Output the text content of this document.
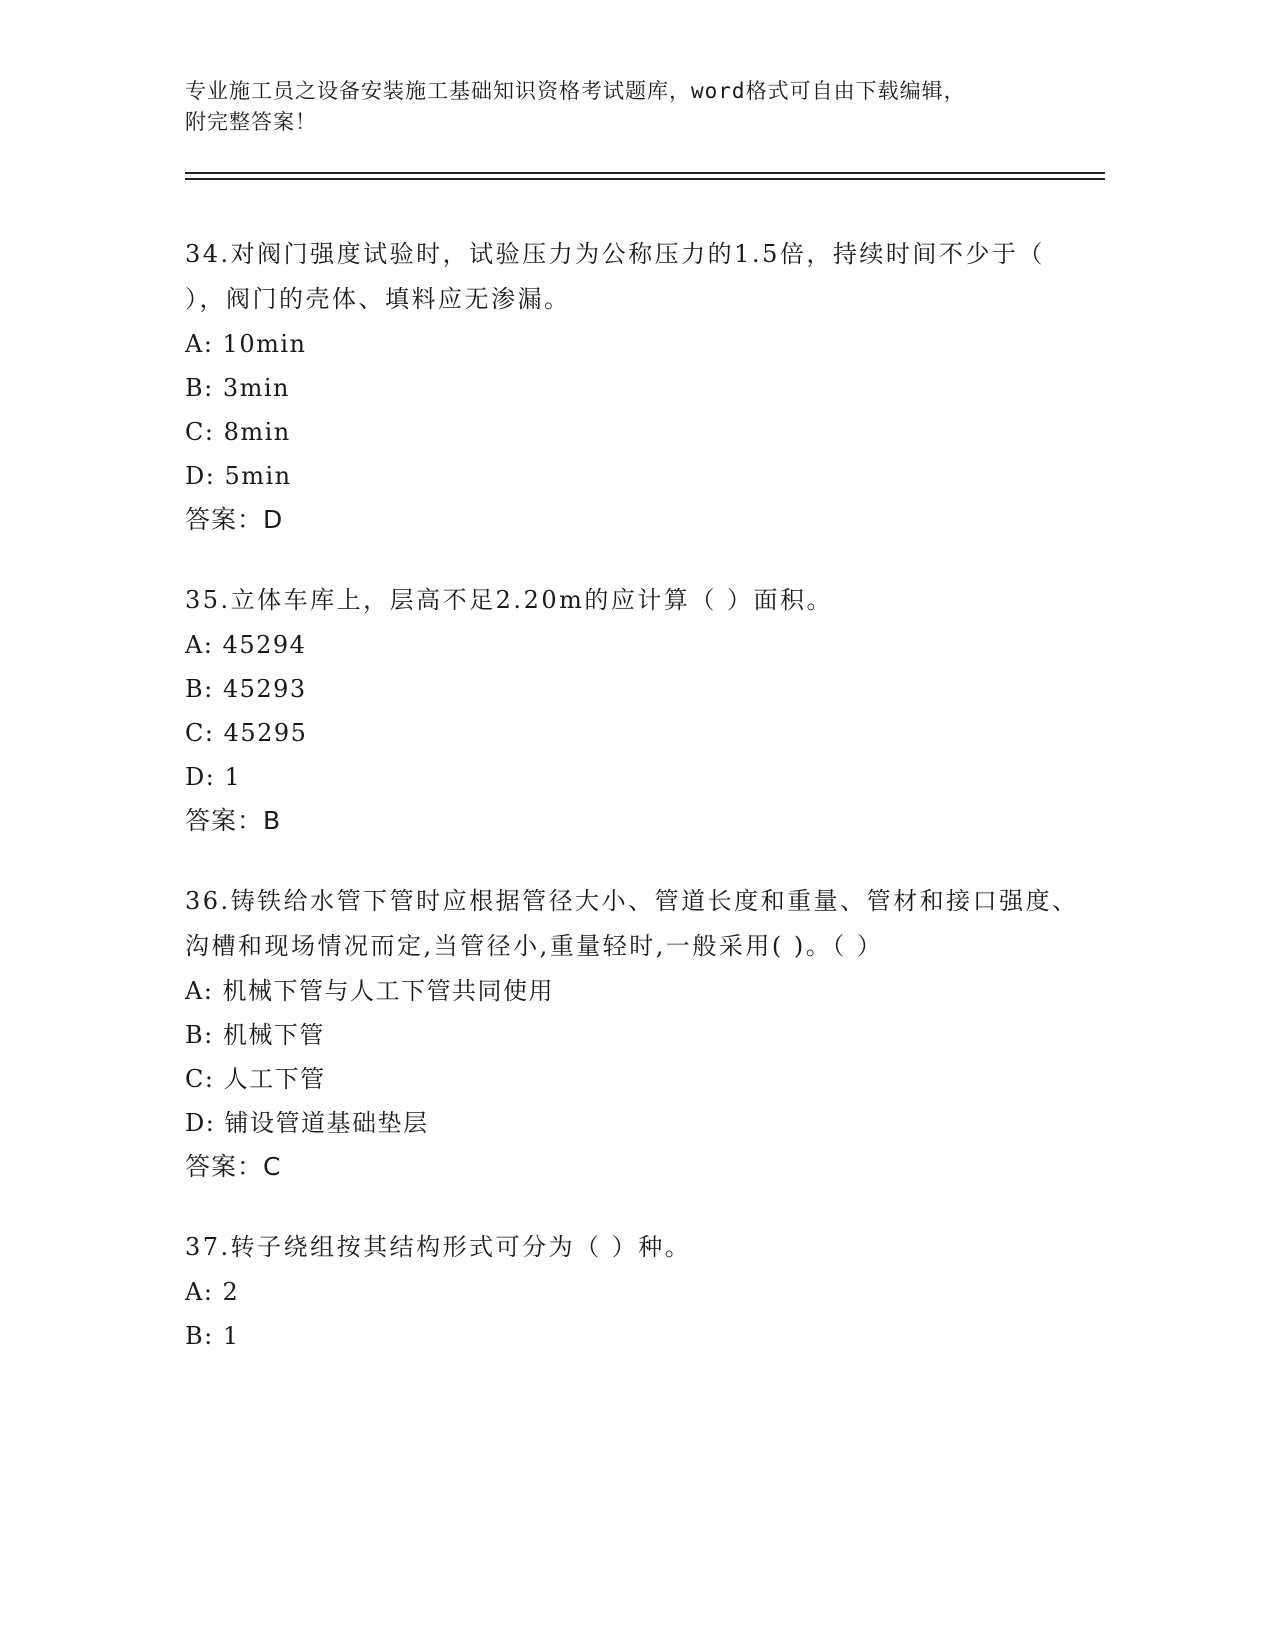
专业施工员之设备安装施工基础知识资格考试题库，word格式可自由下载编辑，
附完整答案！

34.对阀门强度试验时，试验压力为公称压力的1.5倍，持续时间不少于（ ），阀门的壳体、填料应无渗漏。

A: 10min

B: 3min

C: 8min

D: 5min

答案：D

35.立体车库上，层高不足2.20m的应计算（ ）面积。

A: 45294

B: 45293

C: 45295

D: 1

答案：B

36.铸铁给水管下管时应根据管径大小、管道长度和重量、管材和接口强度、沟槽和现场情况而定,当管径小,重量轻时,一般采用( )。（ ）

A: 机械下管与人工下管共同使用

B: 机械下管

C: 人工下管

D: 铺设管道基础垫层

答案：C

37.转子绕组按其结构形式可分为（ ）种。

A: 2

B: 1
